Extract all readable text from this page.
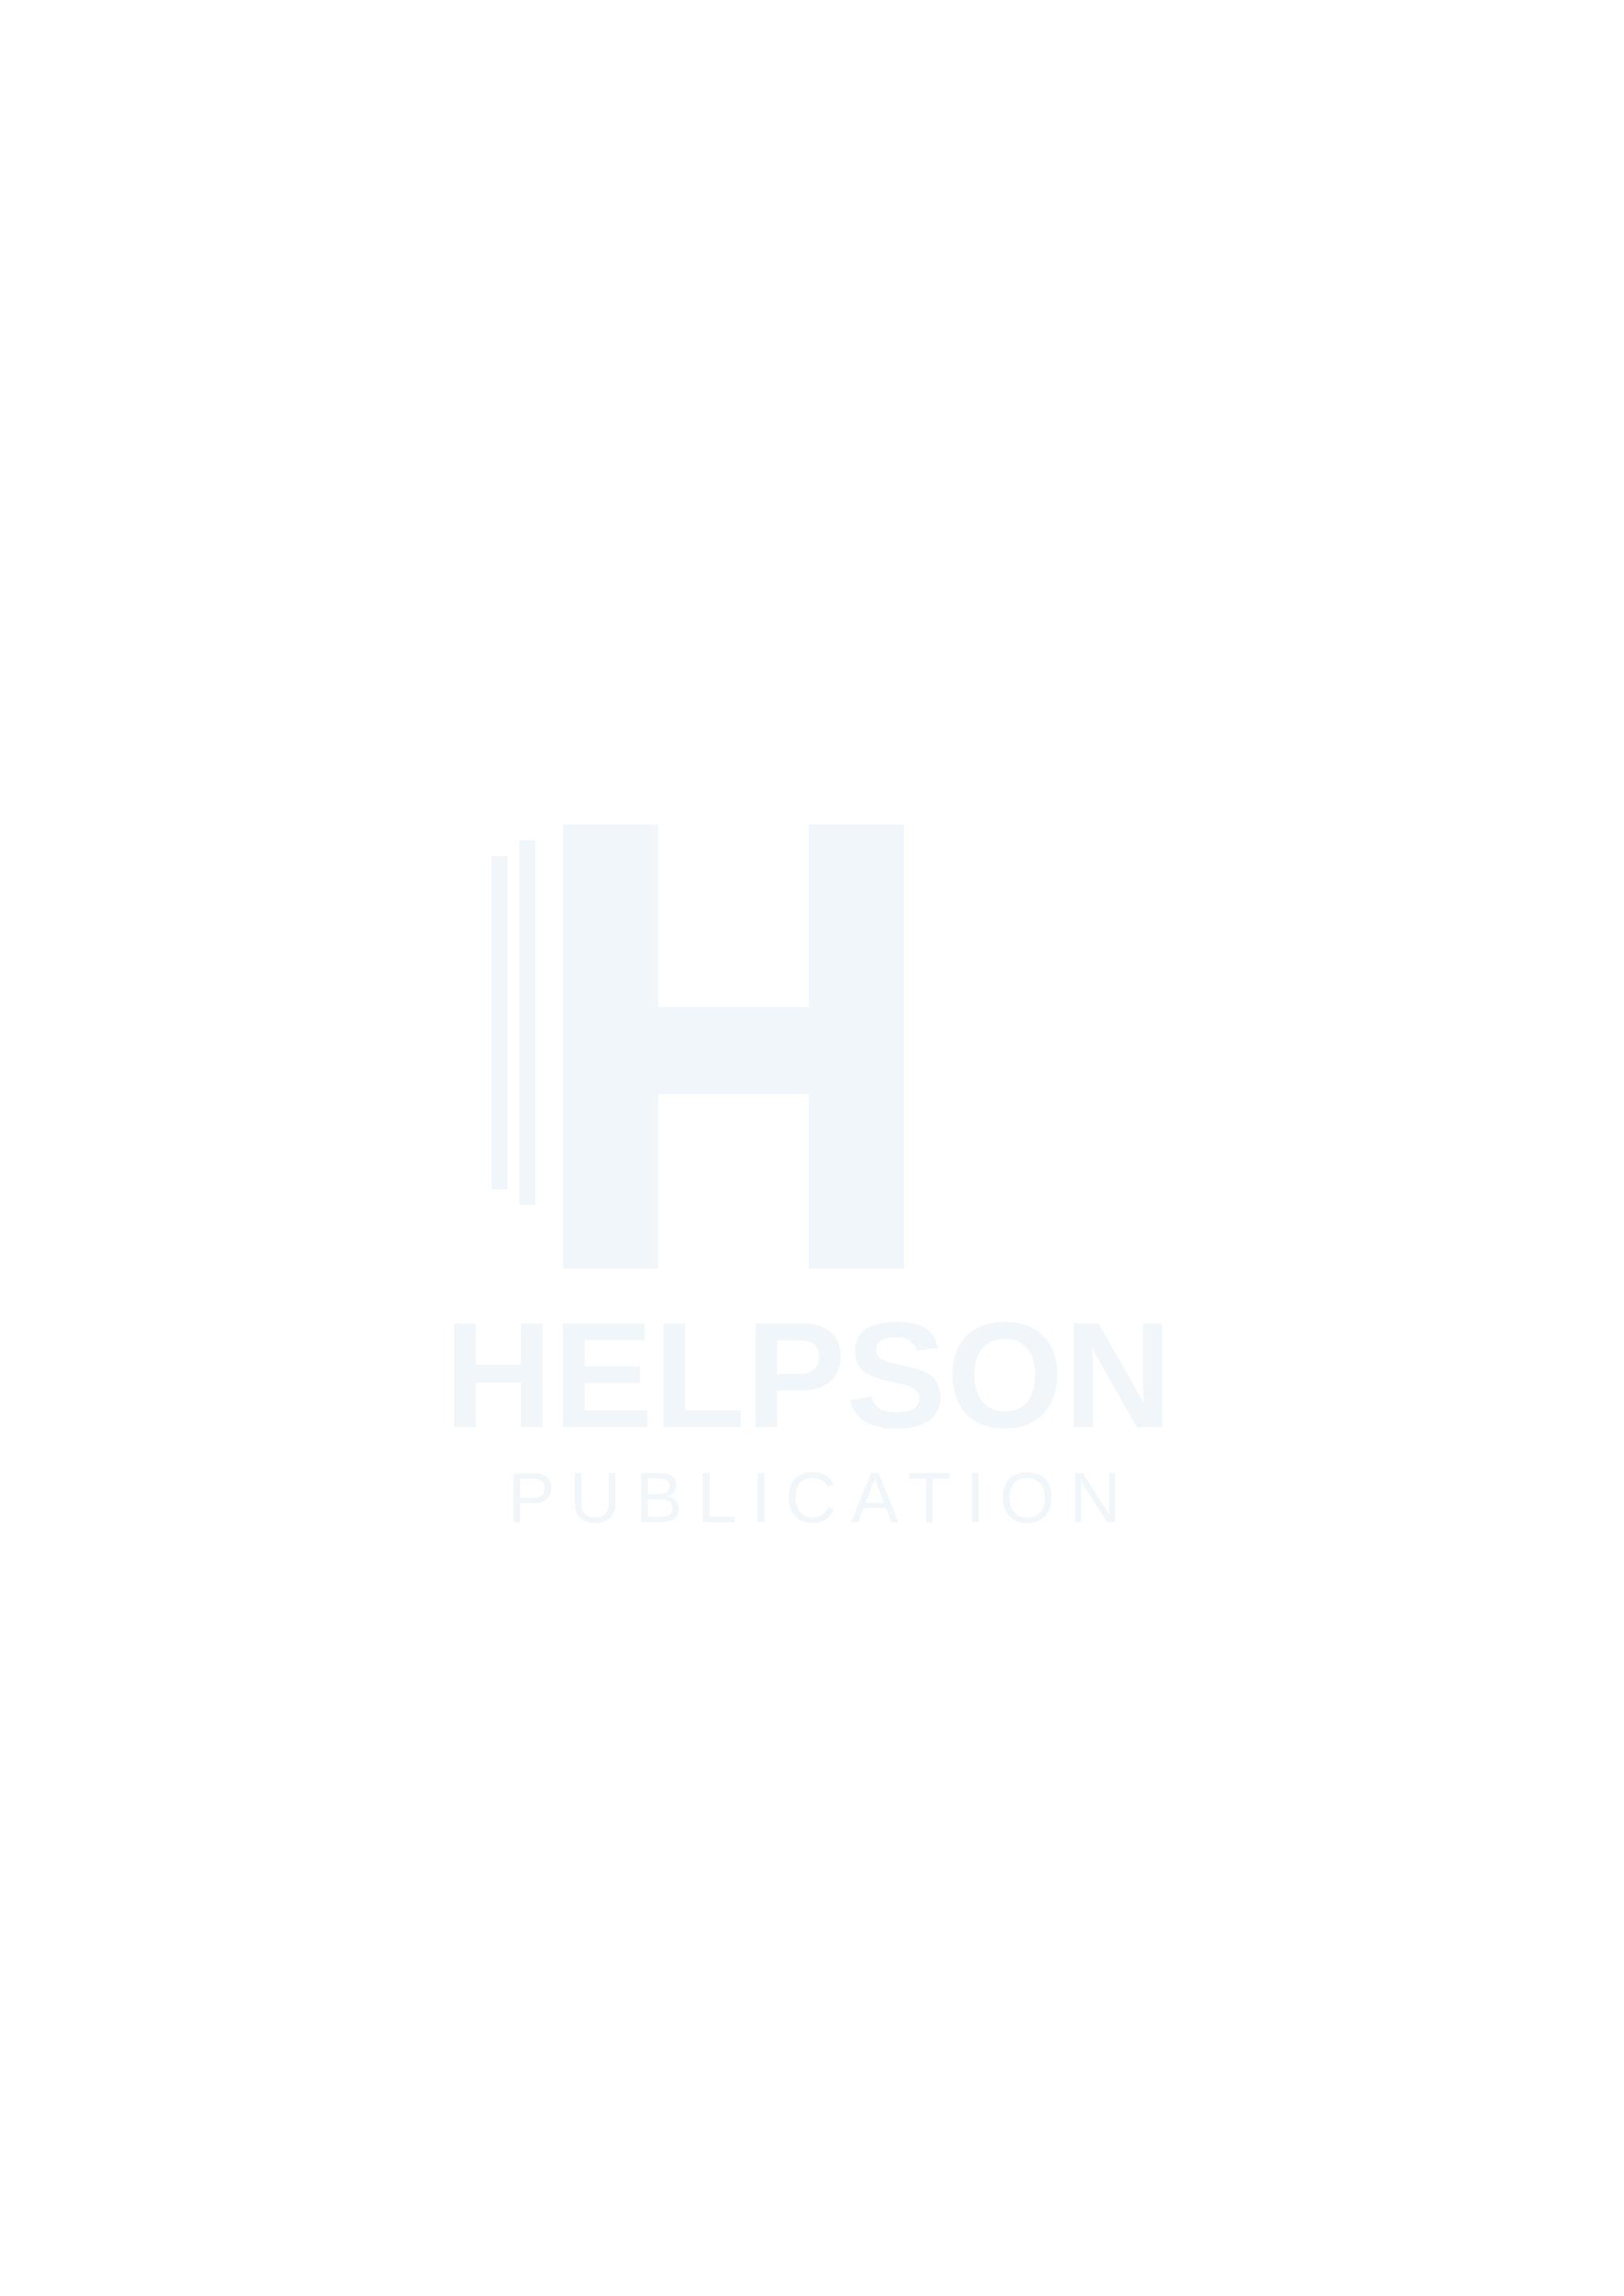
HELPSON
PUBLICATION
